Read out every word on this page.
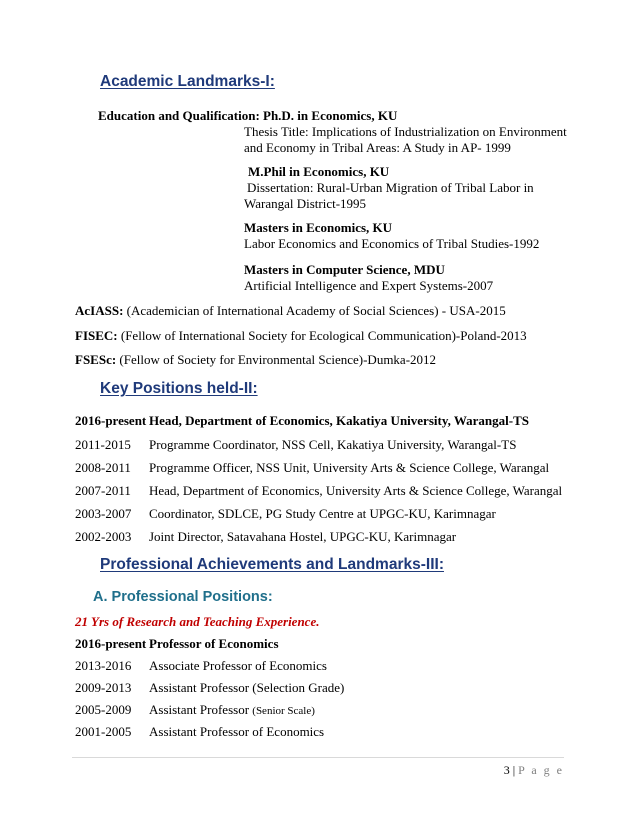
Academic Landmarks-I:
Education and Qualification: Ph.D. in Economics, KU
Thesis Title: Implications of Industrialization on Environment
and Economy in Tribal Areas: A Study in AP- 1999
M.Phil in Economics, KU
Dissertation: Rural-Urban Migration of Tribal Labor in
Warangal District-1995
Masters in Economics, KU
Labor Economics and Economics of Tribal Studies-1992
Masters in Computer Science, MDU
Artificial Intelligence and Expert Systems-2007
AcIASS: (Academician of International Academy of Social Sciences) - USA-2015
FISEC: (Fellow of International Society for Ecological Communication)-Poland-2013
FSESc: (Fellow of Society for Environmental Science)-Dumka-2012
Key Positions held-II:
2016-present Head, Department of Economics, Kakatiya University, Warangal-TS
2011-2015 Programme Coordinator, NSS Cell, Kakatiya University, Warangal-TS
2008-2011 Programme Officer, NSS Unit, University Arts & Science College, Warangal
2007-2011 Head, Department of Economics, University Arts & Science College, Warangal
2003-2007 Coordinator, SDLCE, PG Study Centre at UPGC-KU, Karimnagar
2002-2003 Joint Director, Satavahana Hostel, UPGC-KU, Karimnagar
Professional Achievements and Landmarks-III:
A. Professional Positions:
21 Yrs of Research and Teaching Experience.
2016-present Professor of Economics
2013-2016 Associate Professor of Economics
2009-2013 Assistant Professor (Selection Grade)
2005-2009 Assistant Professor (Senior Scale)
2001-2005 Assistant Professor of Economics
3 | P a g e
